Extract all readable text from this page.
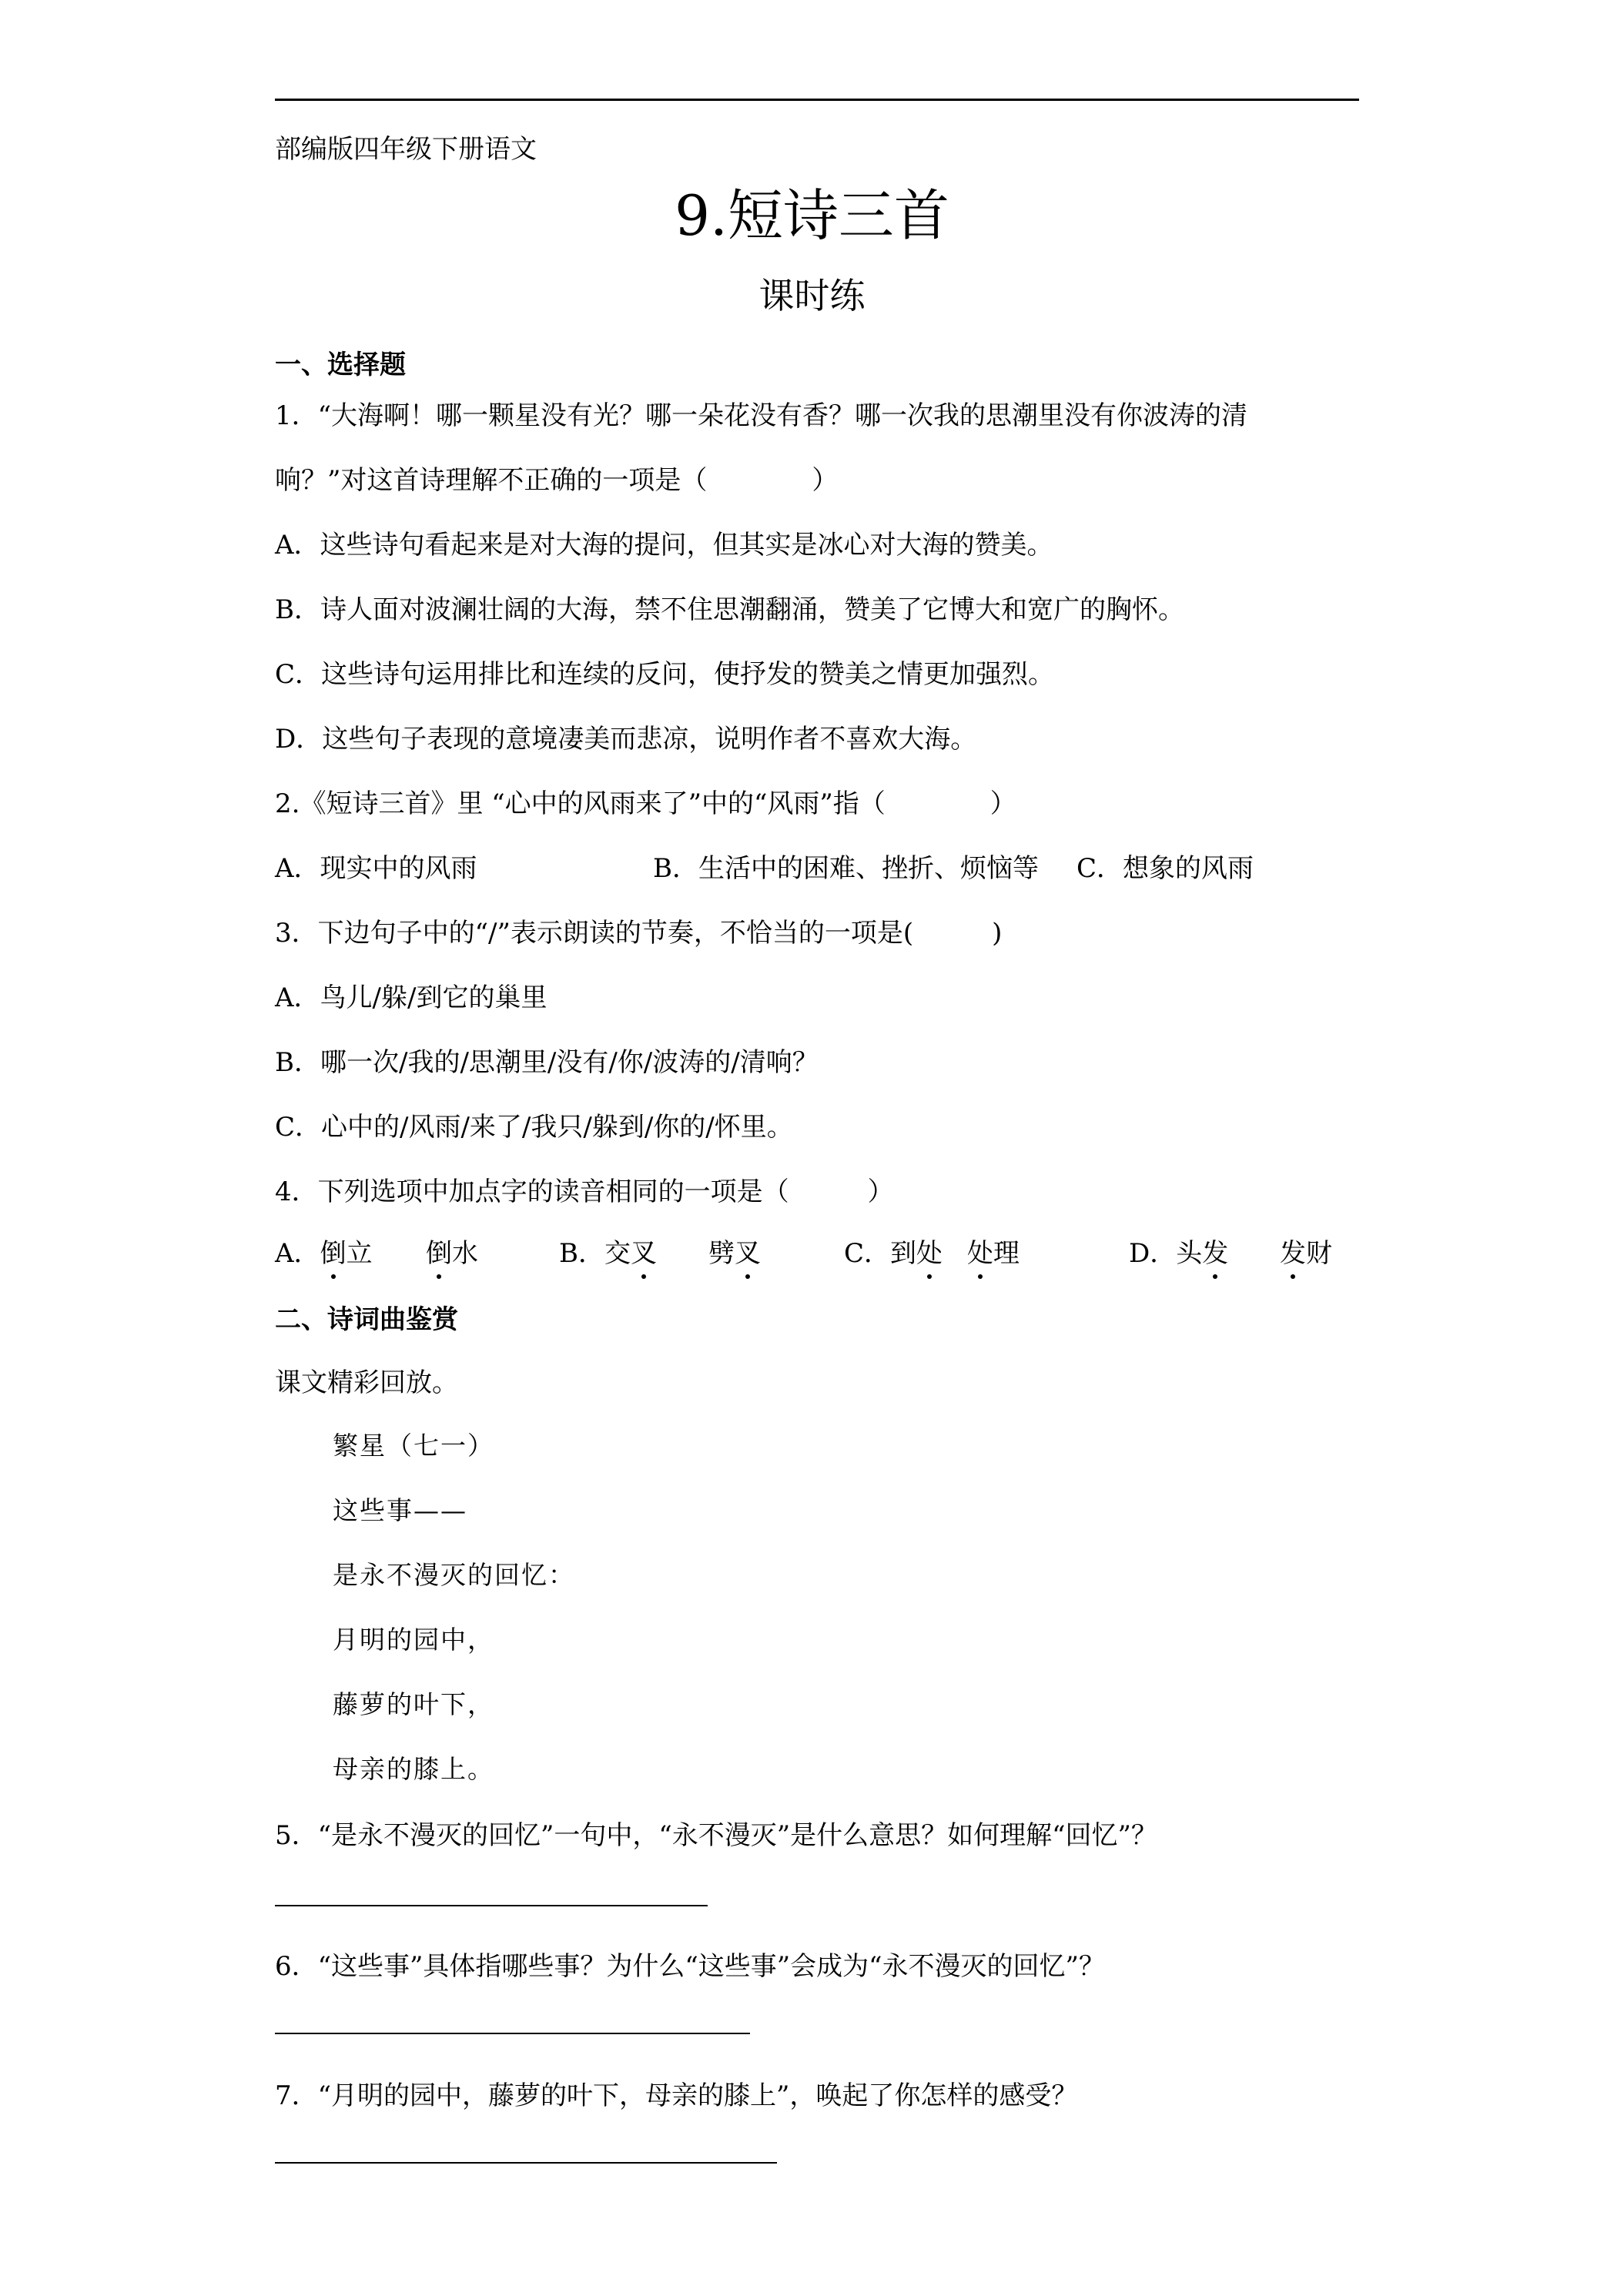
部编版四年级下册语文
9.短诗三首
课时练
一、选择题
1．“大海啊！哪一颗星没有光？哪一朵花没有香？哪一次我的思潮里没有你波涛的清
响？”对这首诗理解不正确的一项是（　　　　）
A．这些诗句看起来是对大海的提问，但其实是冰心对大海的赞美。
B．诗人面对波澜壮阔的大海，禁不住思潮翻涌，赞美了它博大和宽广的胸怀。
C．这些诗句运用排比和连续的反问，使抒发的赞美之情更加强烈。
D．这些句子表现的意境凄美而悲凉，说明作者不喜欢大海。
2.《短诗三首》里 “心中的风雨来了”中的“风雨”指（　　　　）
A．现实中的风雨	B．生活中的困难、挫折、烦恼等 C．想象的风雨
3．下边句子中的“/”表示朗读的节奏，不恰当的一项是(　　　)
A．鸟儿/躲/到它的巢里
B．哪一次/我的/思潮里/没有/你/波涛的/清响？
C．心中的/风雨/来了/我只/躲到/你的/怀里。
4．下列选项中加点字的读音相同的一项是（　　　）
A．倒立 倒水	B．交叉 劈叉	C．到处 处理	D．头发 发财
二、诗词曲鉴赏
课文精彩回放。
繁星（七一）
这些事——
是永不漫灭的回忆：
月明的园中，
藤萝的叶下，
母亲的膝上。
5．“是永不漫灭的回忆”一句中，“永不漫灭”是什么意思？如何理解“回忆”？
6．“这些事”具体指哪些事？为什么“这些事”会成为“永不漫灭的回忆”？
7．“月明的园中，藤萝的叶下，母亲的膝上”，唤起了你怎样的感受？
